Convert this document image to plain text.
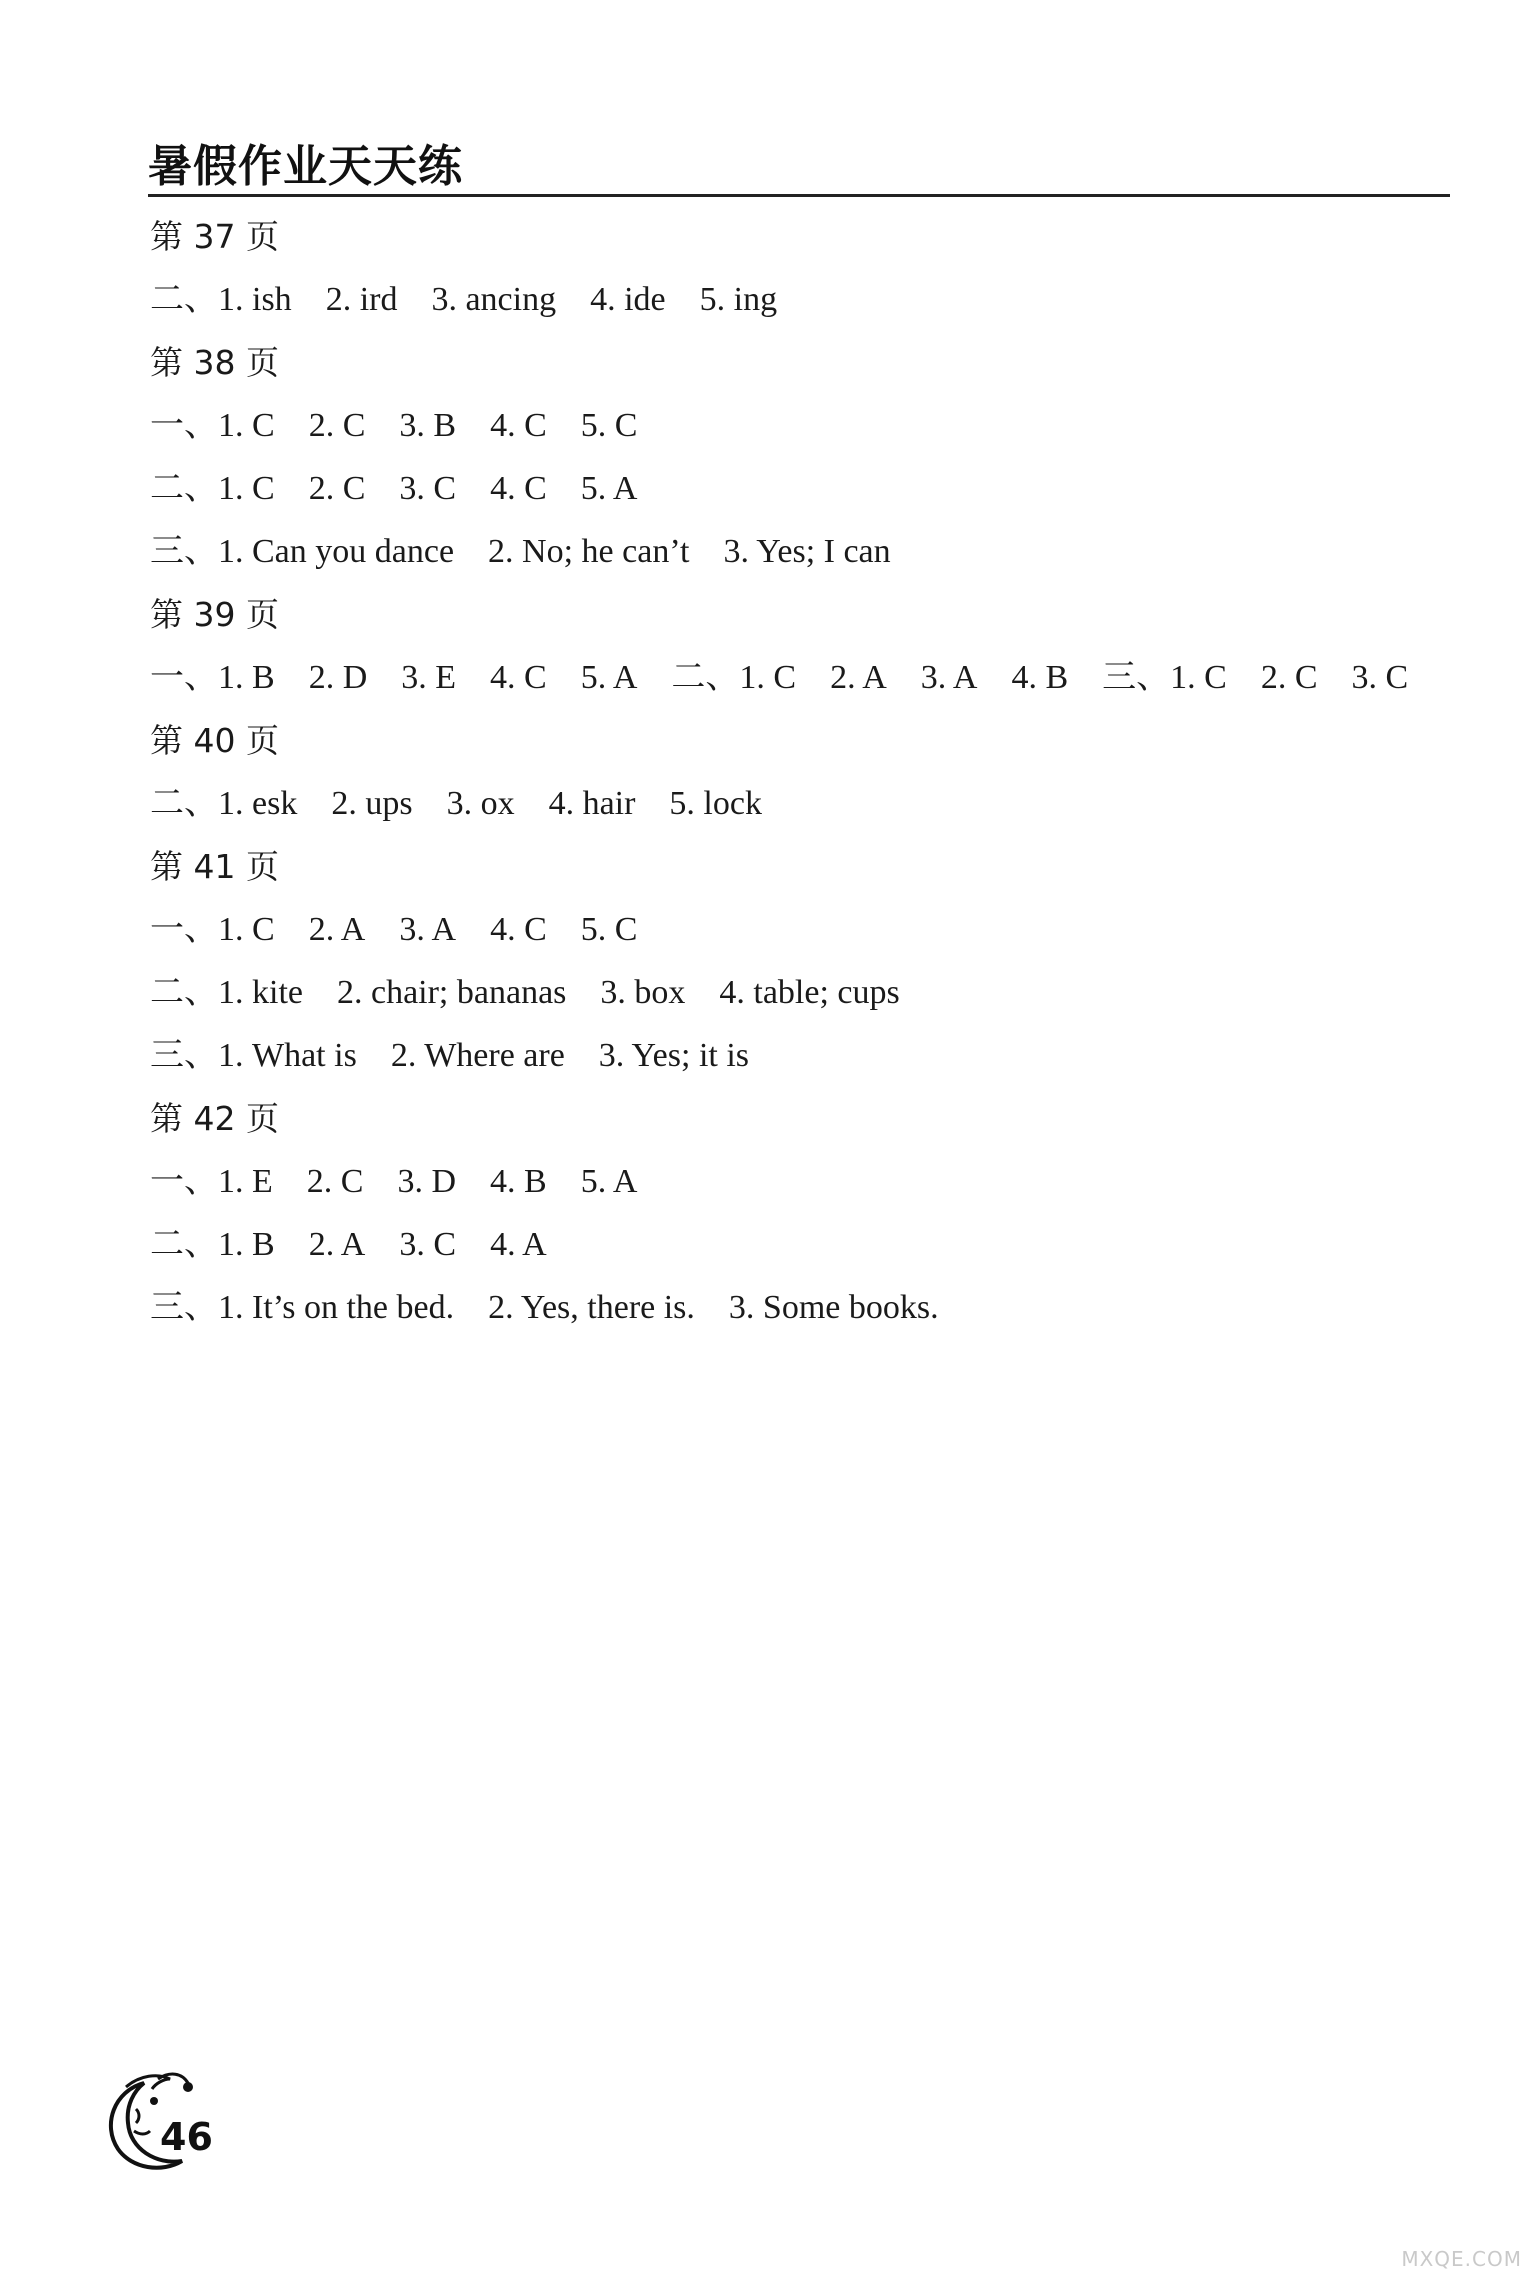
暑假作业天天练
第 37 页
二、1. ish 2. ird 3. ancing 4. ide 5. ing
第 38 页
一、1. C 2. C 3. B 4. C 5. C
二、1. C 2. C 3. C 4. C 5. A
三、1. Can you dance 2. No; he can’t 3. Yes; I can
第 39 页
一、1. B 2. D 3. E 4. C 5. A 二、1. C 2. A 3. A 4. B 三、1. C 2. C 3. C
第 40 页
二、1. esk 2. ups 3. ox 4. hair 5. lock
第 41 页
一、1. C 2. A 3. A 4. C 5. C
二、1. kite 2. chair; bananas 3. box 4. table; cups
三、1. What is 2. Where are 3. Yes; it is
第 42 页
一、1. E 2. C 3. D 4. B 5. A
二、1. B 2. A 3. C 4. A
三、1. It’s on the bed. 2. Yes, there is. 3. Some books.
46
MXQE.COM
